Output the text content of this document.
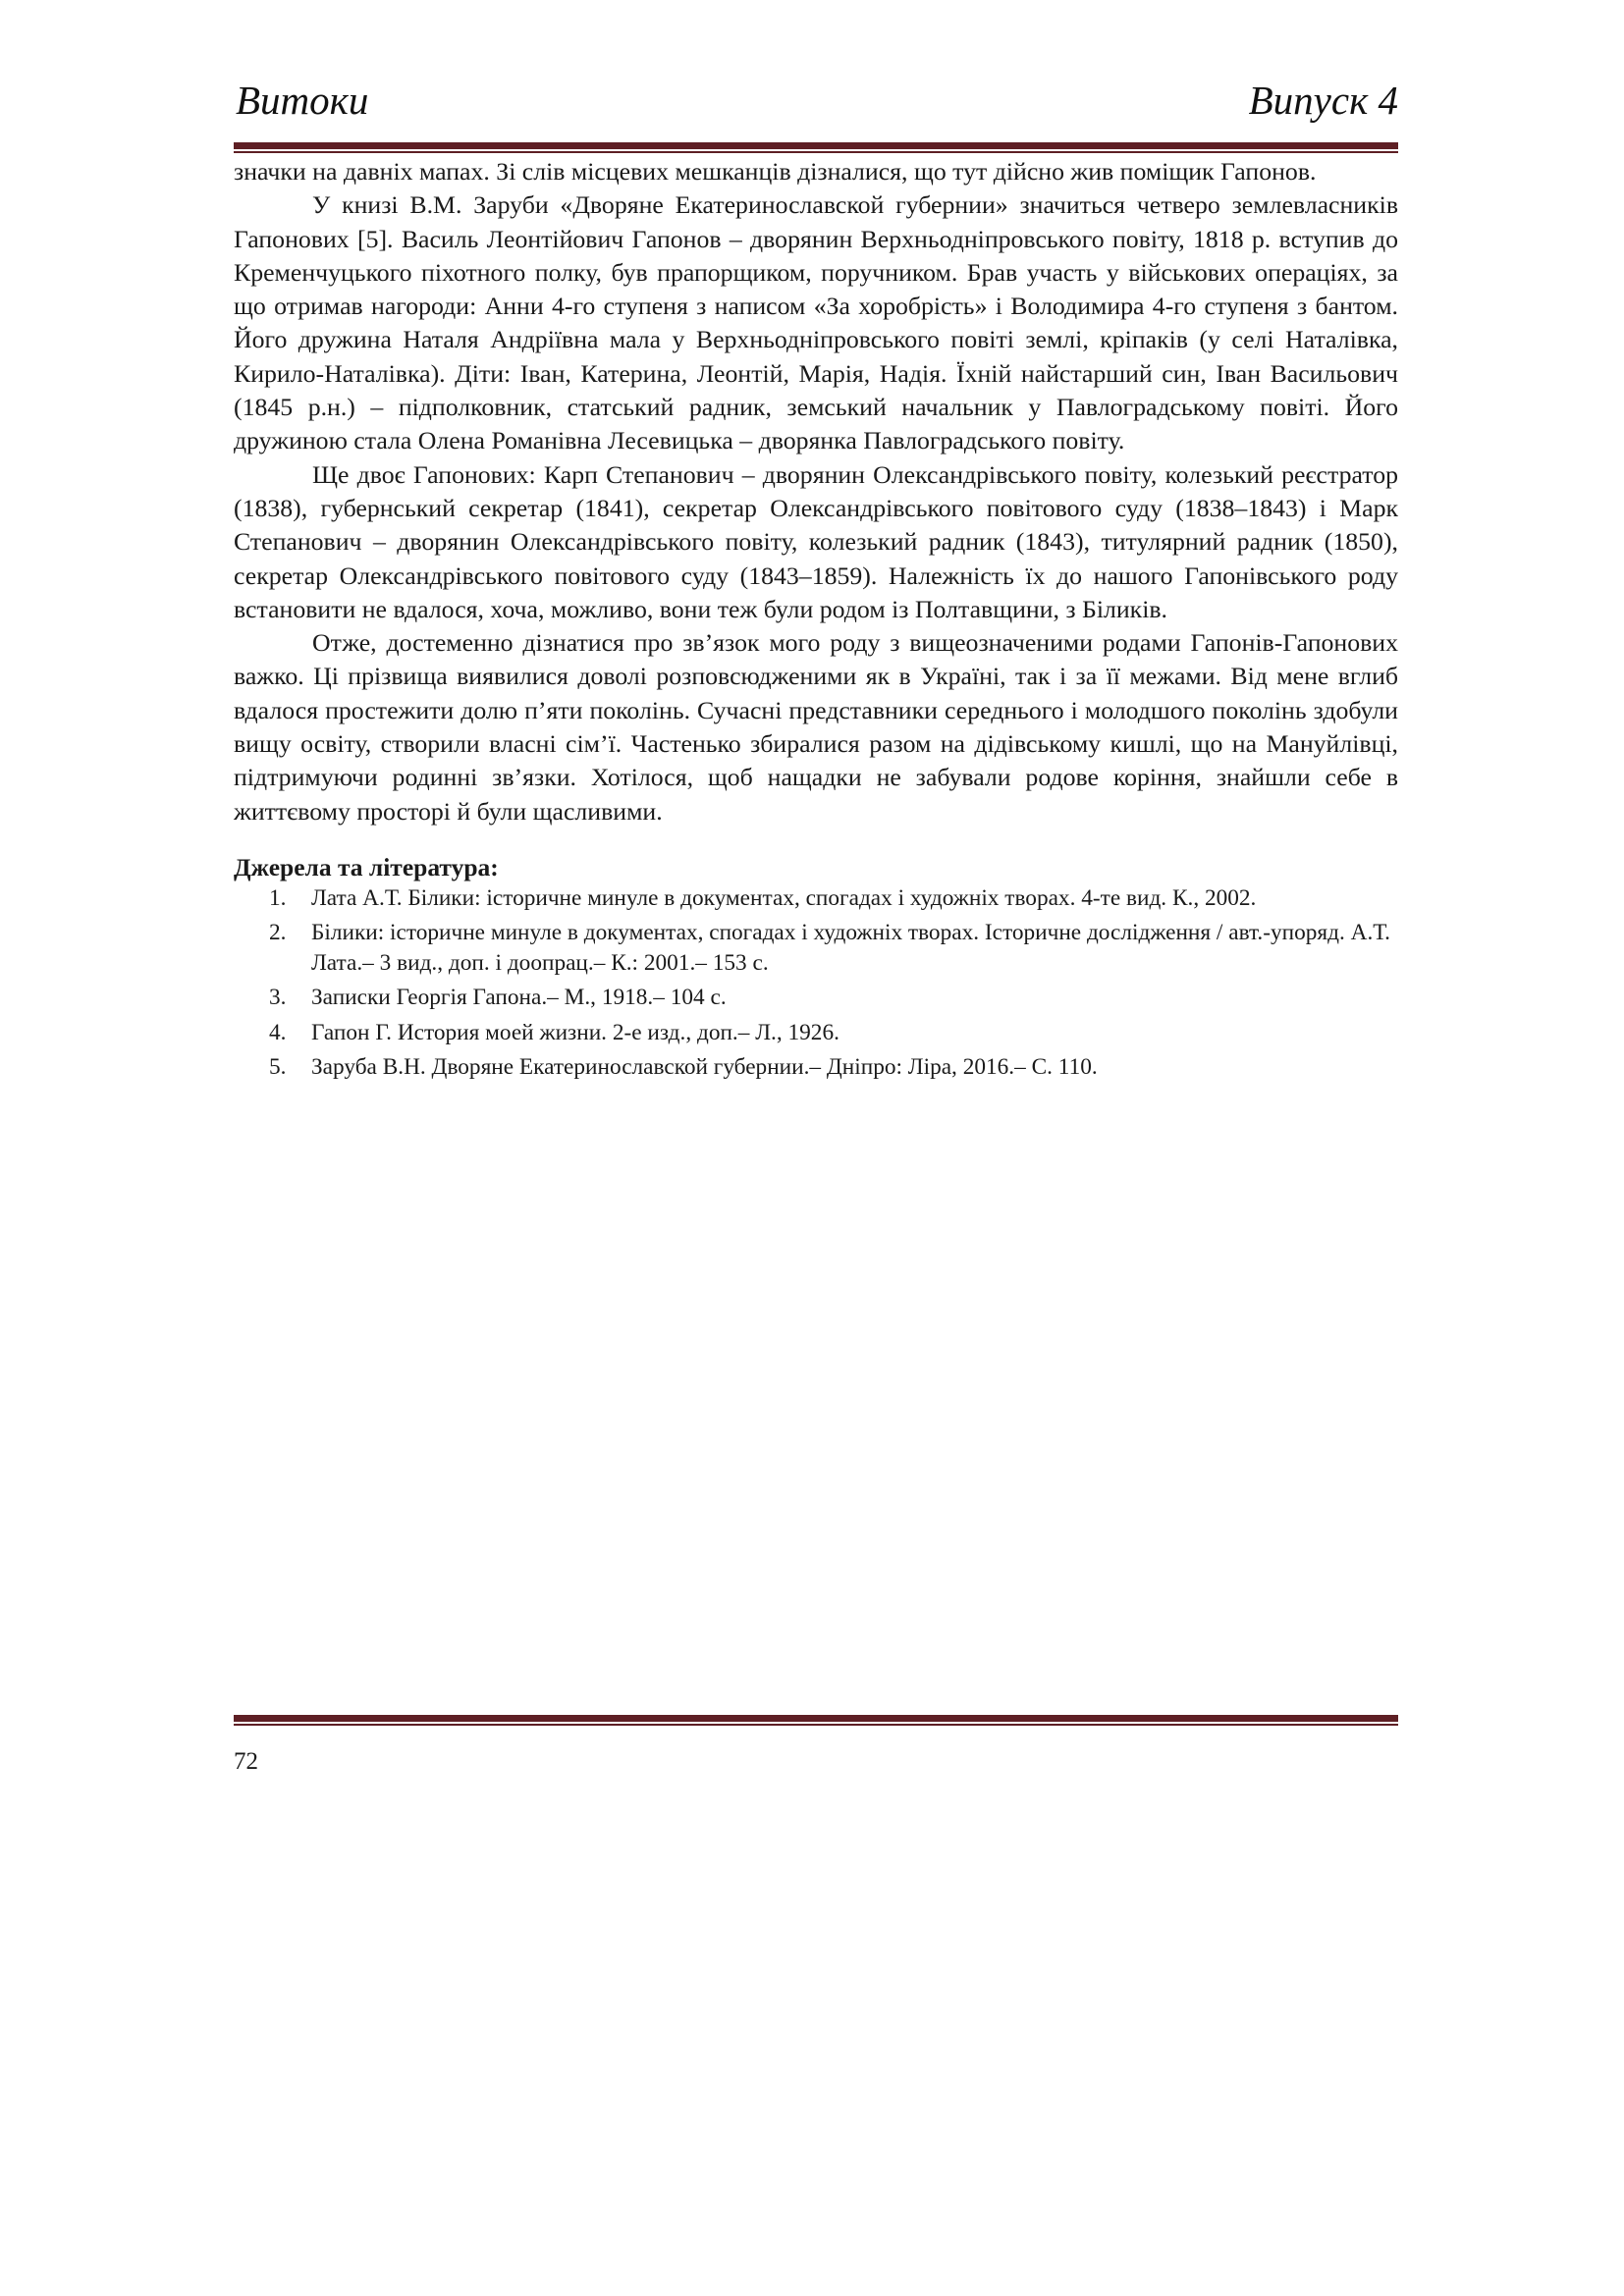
Витоки	Випуск 4

значки на давніх мапах. Зі слів місцевих мешканців дізналися, що тут дійсно жив поміщик Гапонов.

У книзі В.М. Заруби «Дворяне Екатеринославской губернии» значиться четверо землевласників Гапонових [5]. Василь Леонтійович Гапонов – дворянин Верхньодніпровського повіту, 1818 р. вступив до Кременчуцького піхотного полку, був прапорщиком, поручником. Брав участь у військових операціях, за що отримав нагороди: Анни 4-го ступеня з написом «За хоробрість» і Володимира 4-го ступеня з бантом. Його дружина Наталя Андріївна мала у Верхньодніпровського повіті землі, кріпаків (у селі Наталівка, Кирило-Наталівка). Діти: Іван, Катерина, Леонтій, Марія, Надія. Їхній найстарший син, Іван Васильович (1845 р.н.) – підполковник, статський радник, земський начальник у Павлоградському повіті. Його дружиною стала Олена Романівна Лесевицька – дворянка Павлоградського повіту.

Ще двоє Гапонових: Карп Степанович – дворянин Олександрівського повіту, колезький реєстратор (1838), губернський секретар (1841), секретар Олександрівського повітового суду (1838–1843) і Марк Степанович – дворянин Олександрівського повіту, колезький радник (1843), титулярний радник (1850), секретар Олександрівського повітового суду (1843–1859). Належність їх до нашого Гапонівського роду встановити не вдалося, хоча, можливо, вони теж були родом із Полтавщини, з Біликів.

Отже, достеменно дізнатися про зв’язок мого роду з вищеозначеними родами Гапонів-Гапонових важко. Ці прізвища виявилися доволі розповсюдженими як в Україні, так і за її межами. Від мене вглиб вдалося простежити долю п’яти поколінь. Сучасні представники середнього і молодшого поколінь здобули вищу освіту, створили власні сім’ї. Частенько збиралися разом на дідівському кишлі, що на Мануйлівці, підтримуючи родинні зв’язки. Хотілося, щоб нащадки не забували родове коріння, знайшли себе в життєвому просторі й були щасливими.

Джерела та література:

1. Лата А.Т. Білики: історичне минуле в документах, спогадах і художніх творах. 4-те вид. К., 2002.
2. Білики: історичне минуле в документах, спогадах і художніх творах. Історичне дослідження / авт.-упоряд. А.Т. Лата.– 3 вид., доп. і доопрац.– К.: 2001.– 153 с.
3. Записки Георгія Гапона.– М., 1918.– 104 с.
4. Гапон Г. История моей жизни. 2-е изд., доп.– Л., 1926.
5. Заруба В.Н. Дворяне Екатеринославской губернии.– Дніпро: Ліра, 2016.– С. 110.
72
